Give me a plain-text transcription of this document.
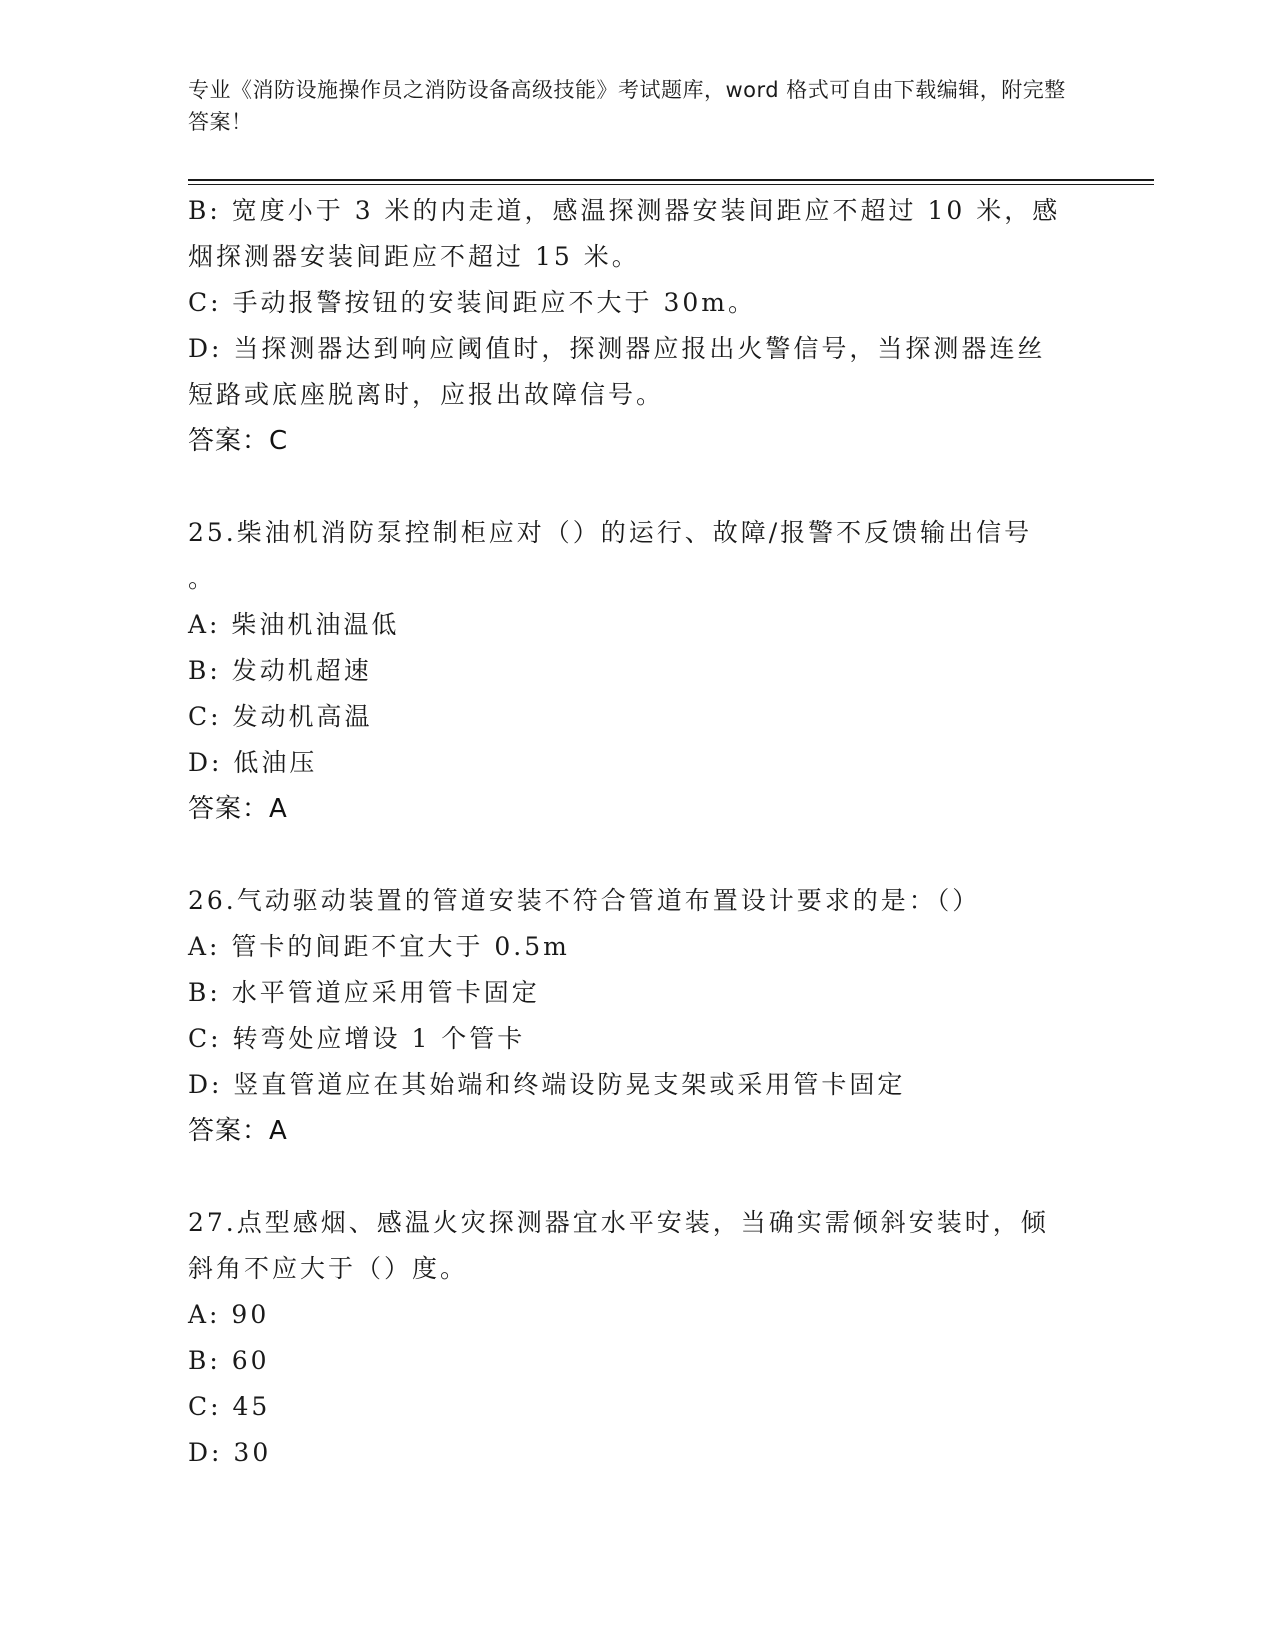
专业《消防设施操作员之消防设备高级技能》考试题库，word 格式可自由下载编辑，附完整答案！

B: 宽度小于 3 米的内走道，感温探测器安装间距应不超过 10 米，感

烟探测器安装间距应不超过 15 米。

C: 手动报警按钮的安装间距应不大于 30m。

D: 当探测器达到响应阈值时，探测器应报出火警信号，当探测器连丝

短路或底座脱离时，应报出故障信号。

答案：C

25.柴油机消防泵控制柜应对（）的运行、故障/报警不反馈输出信号

。

A: 柴油机油温低

B: 发动机超速

C: 发动机高温

D: 低油压

答案：A

26.气动驱动装置的管道安装不符合管道布置设计要求的是：（）

A: 管卡的间距不宜大于 0.5m

B: 水平管道应采用管卡固定

C: 转弯处应增设 1 个管卡

D: 竖直管道应在其始端和终端设防晃支架或采用管卡固定

答案：A

27.点型感烟、感温火灾探测器宜水平安装，当确实需倾斜安装时，倾

斜角不应大于（）度。

A: 90

B: 60

C: 45

D: 30
